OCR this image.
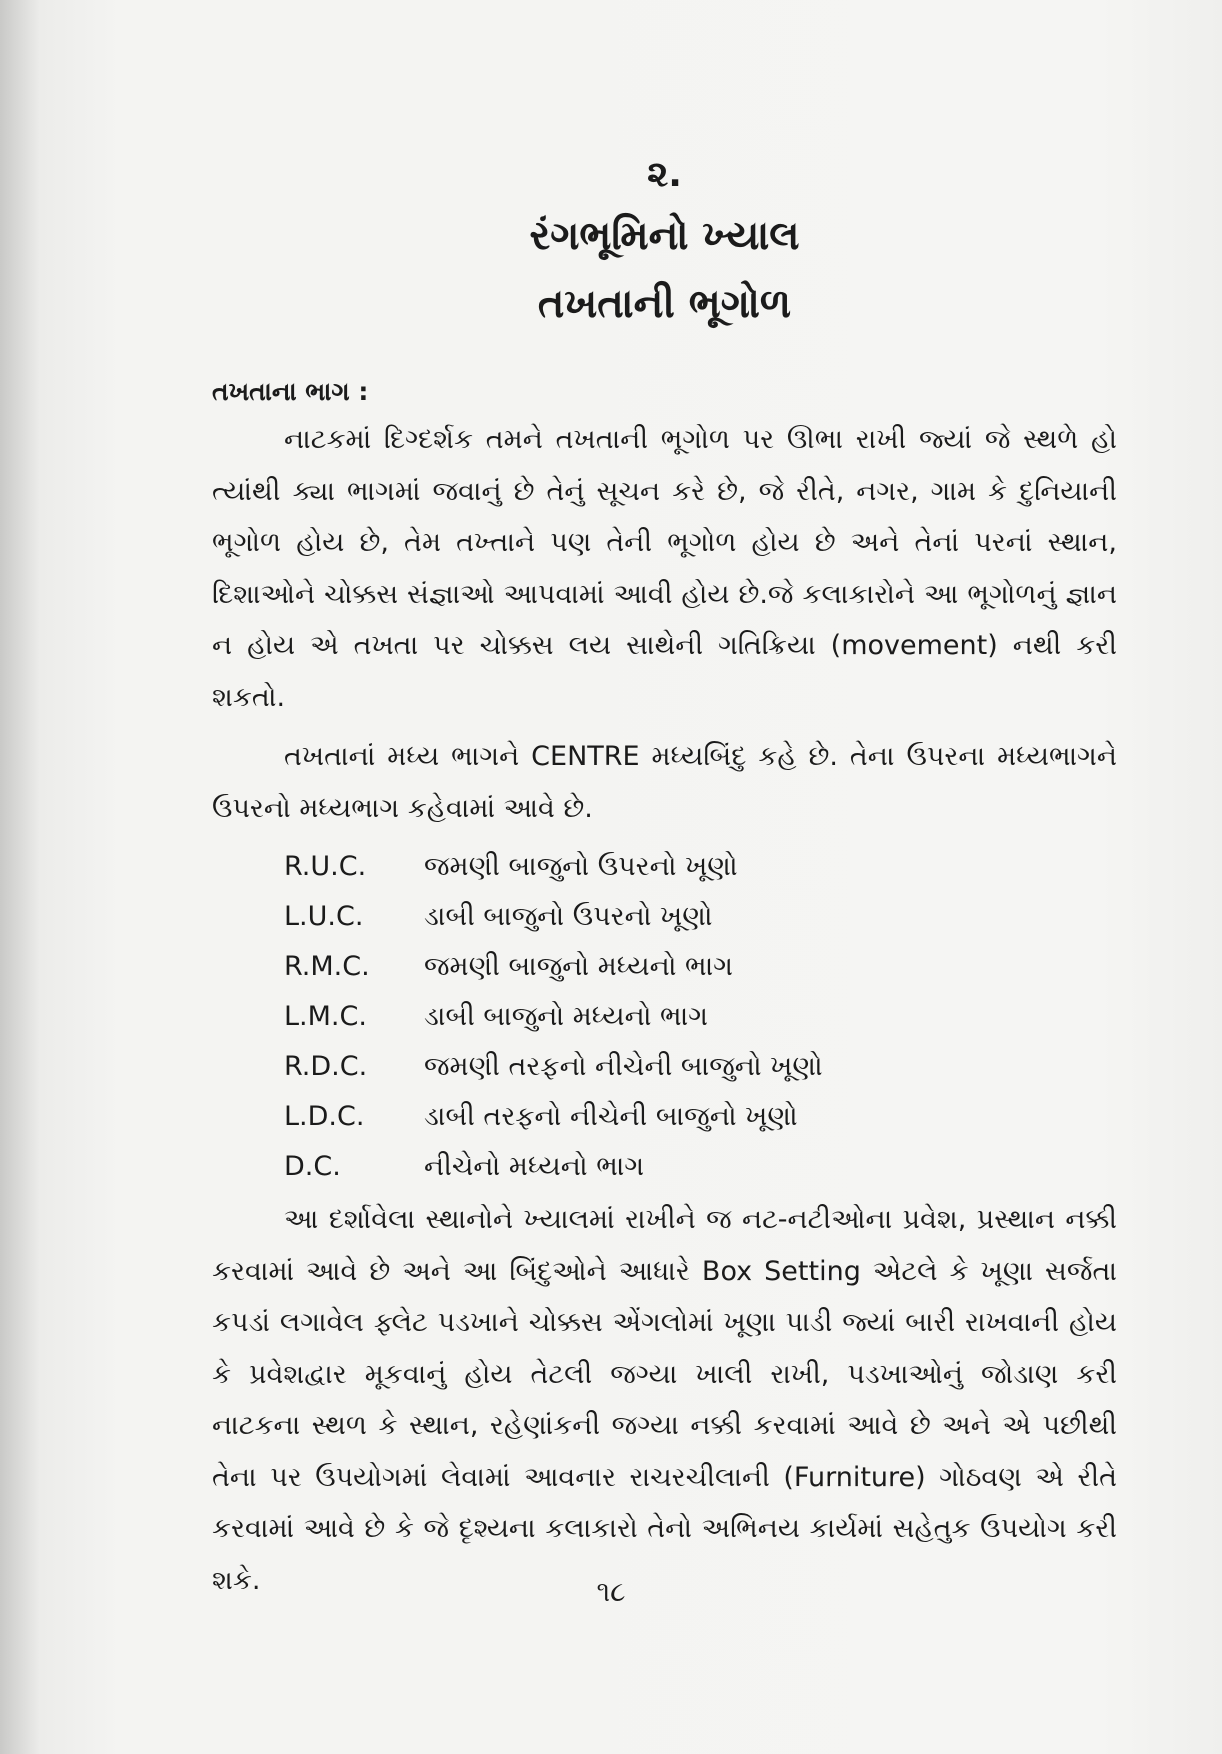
૨.
રંગભૂમિનો ખ્યાલ
તખતાની ભૂગોળ
તખતાના ભાગ :

નાટકમાં દિગ્દર્શક તમને તખતાની ભૂગોળ પર ઊભા રાખી જ્યાં જે સ્થળે હો ત્યાંથી ક્યા ભાગમાં જવાનું છે તેનું સૂચન કરે છે, જે રીતે, નગર, ગામ કે દુનિયાની ભૂગોળ હોય છે, તેમ તખ્તાને પણ તેની ભૂગોળ હોય છે અને તેનાં પરનાં સ્થાન, દિશાઓને ચોક્કસ સંજ્ઞાઓ આપવામાં આવી હોય છે.જે કલાકારોને આ ભૂગોળનું જ્ઞાન ન હોય એ તખતા પર ચોક્કસ લય સાથેની ગતિક્રિયા (movement) નથી કરી શકતો.

તખતાનાં મધ્ય ભાગને CENTRE મધ્યબિંદુ કહે છે. તેના ઉપરના મધ્યભાગને ઉપરનો મધ્યભાગ કહેવામાં આવે છે.

R.U.C.	જમણી બાજુનો ઉપરનો ખૂણો
L.U.C.	ડાબી બાજુનો ઉપરનો ખૂણો
R.M.C.	જમણી બાજુનો મધ્યનો ભાગ
L.M.C.	ડાબી બાજુનો મધ્યનો ભાગ
R.D.C.	જમણી તરફનો નીચેની બાજુનો ખૂણો
L.D.C.	ડાબી તરફનો નીચેની બાજુનો ખૂણો
D.C.	નીચેનો મધ્યનો ભાગ

આ દર્શાવેલા સ્થાનોને ખ્યાલમાં રાખીને જ નટ-નટીઓના પ્રવેશ, પ્રસ્થાન નક્કી કરવામાં આવે છે અને આ બિંદુઓને આધારે Box Setting એટલે કે ખૂણા સર્જતા કપડાં લગાવેલ ફ્લેટ પડખાને ચોક્કસ એંગલોમાં ખૂણા પાડી જ્યાં બારી રાખવાની હોય કે પ્રવેશદ્વાર મૂકવાનું હોય તેટલી જગ્યા ખાલી રાખી, પડખાઓનું જોડાણ કરી નાટકના સ્થળ કે સ્થાન, રહેણાંકની જગ્યા નક્કી કરવામાં આવે છે અને એ પછીથી તેના પર ઉપયોગમાં લેવામાં આવનાર રાચરચીલાની (Furniture) ગોઠવણ એ રીતે કરવામાં આવે છે કે જે દૃશ્યના કલાકારો તેનો અભિનય કાર્યમાં સહેતુક ઉપયોગ કરી શકે.	૧૮
